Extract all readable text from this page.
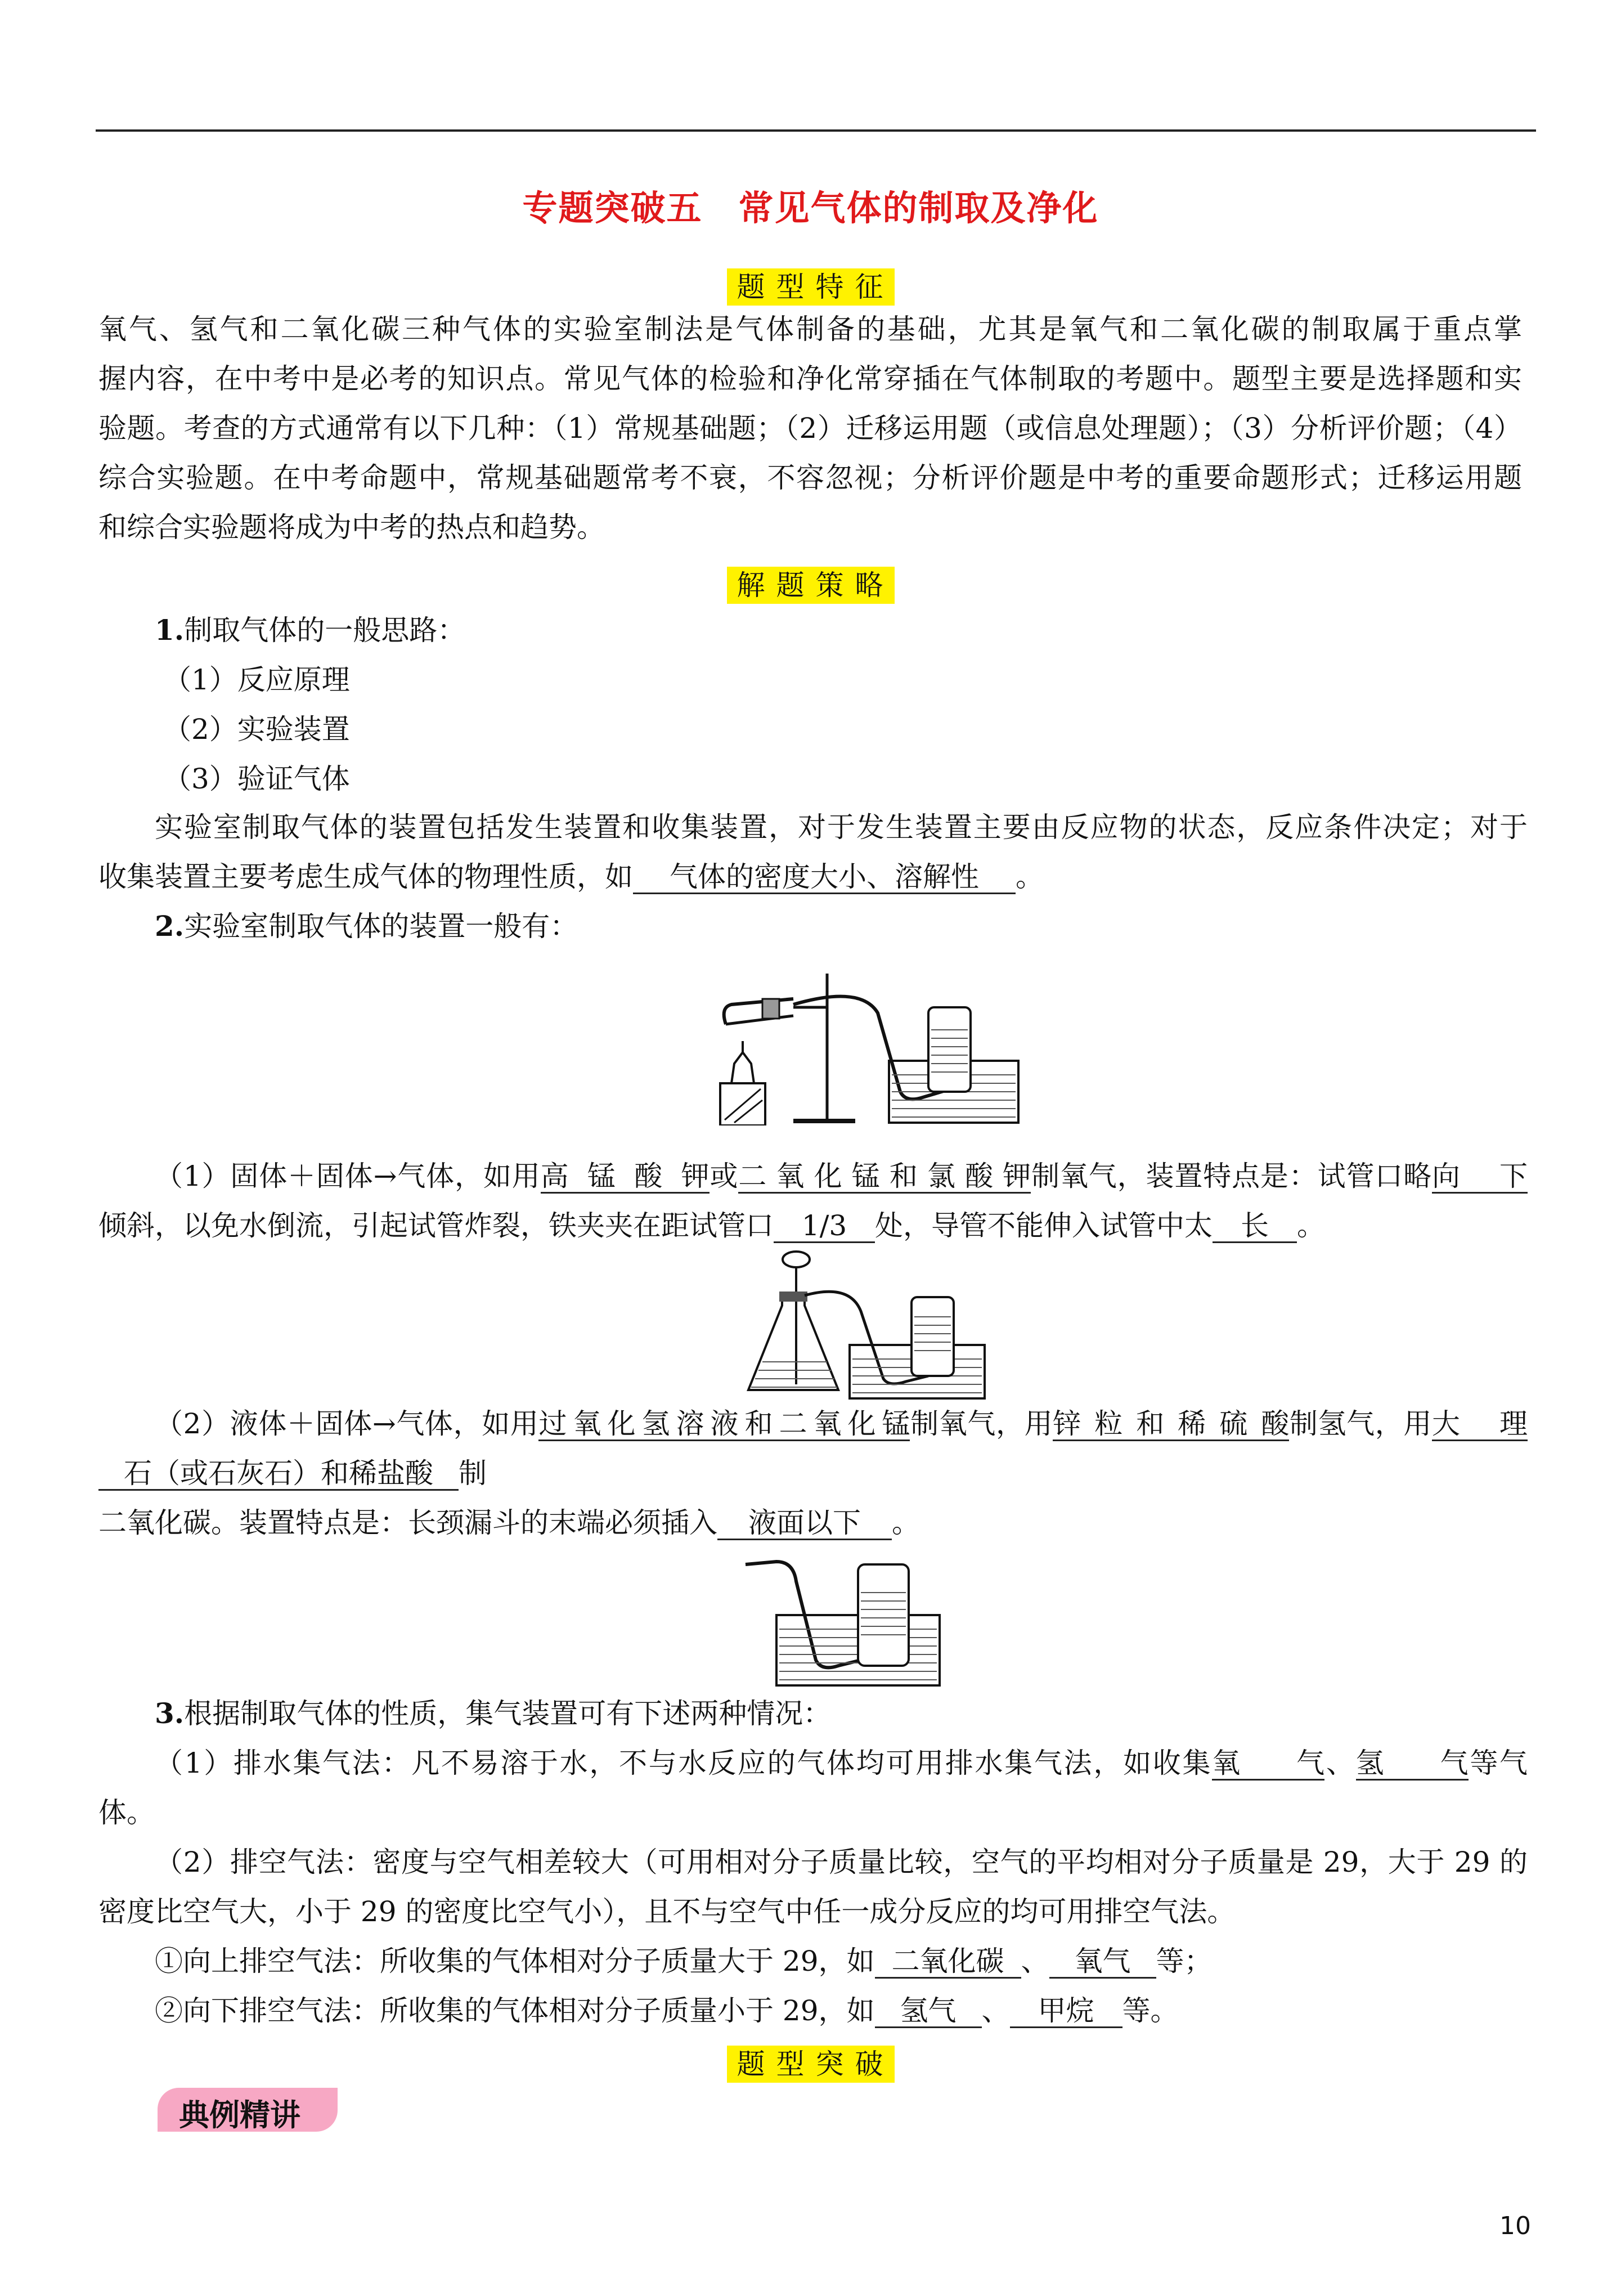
专题突破五　常见气体的制取及净化
题型特征
氧气、氢气和二氧化碳三种气体的实验室制法是气体制备的基础，尤其是氧气和二氧化碳的制取属于重点掌
握内容，在中考中是必考的知识点。常见气体的检验和净化常穿插在气体制取的考题中。题型主要是选择题和实
验题。考查的方式通常有以下几种：（1）常规基础题；（2）迁移运用题（或信息处理题）；（3）分析评价题；（4）
综合实验题。在中考命题中，常规基础题常考不衰，不容忽视；分析评价题是中考的重要命题形式；迁移运用题
和综合实验题将成为中考的热点和趋势。
解题策略
1.制取气体的一般思路：
（1）反应原理
（2）实验装置
（3）验证气体
实验室制取气体的装置包括发生装置和收集装置，对于发生装置主要由反应物的状态，反应条件决定；对于
收集装置主要考虑生成气体的物理性质，如 气体的密度大小、溶解性 。
2.实验室制取气体的装置一般有：
（1）固体＋固体→气体，如用高锰酸钾或二氧化锰和氯酸钾制氧气，装置特点是：试管口略向下
倾斜，以免水倒流，引起试管炸裂，铁夹夹在距试管口 1/3 处，导管不能伸入试管中太 长 。
（2）液体＋固体→气体，如用过氧化氢溶液和二氧化锰制氧气，用锌粒和稀硫酸制氢气，用大理
石（或石灰石）和稀盐酸 制
二氧化碳。装置特点是：长颈漏斗的末端必须插入 液面以下 。
3.根据制取气体的性质，集气装置可有下述两种情况：
（1）排水集气法：凡不易溶于水，不与水反应的气体均可用排水集气法，如收集氧气、氢气等气
体。
（2）排空气法：密度与空气相差较大（可用相对分子质量比较，空气的平均相对分子质量是 29，大于 29 的
密度比空气大，小于 29 的密度比空气小），且不与空气中任一成分反应的均可用排空气法。
①向上排空气法：所收集的气体相对分子质量大于 29，如 二氧化碳 、 氧气 等；
②向下排空气法：所收集的气体相对分子质量小于 29，如 氢气 、 甲烷 等。
题型突破
典例精讲
10
